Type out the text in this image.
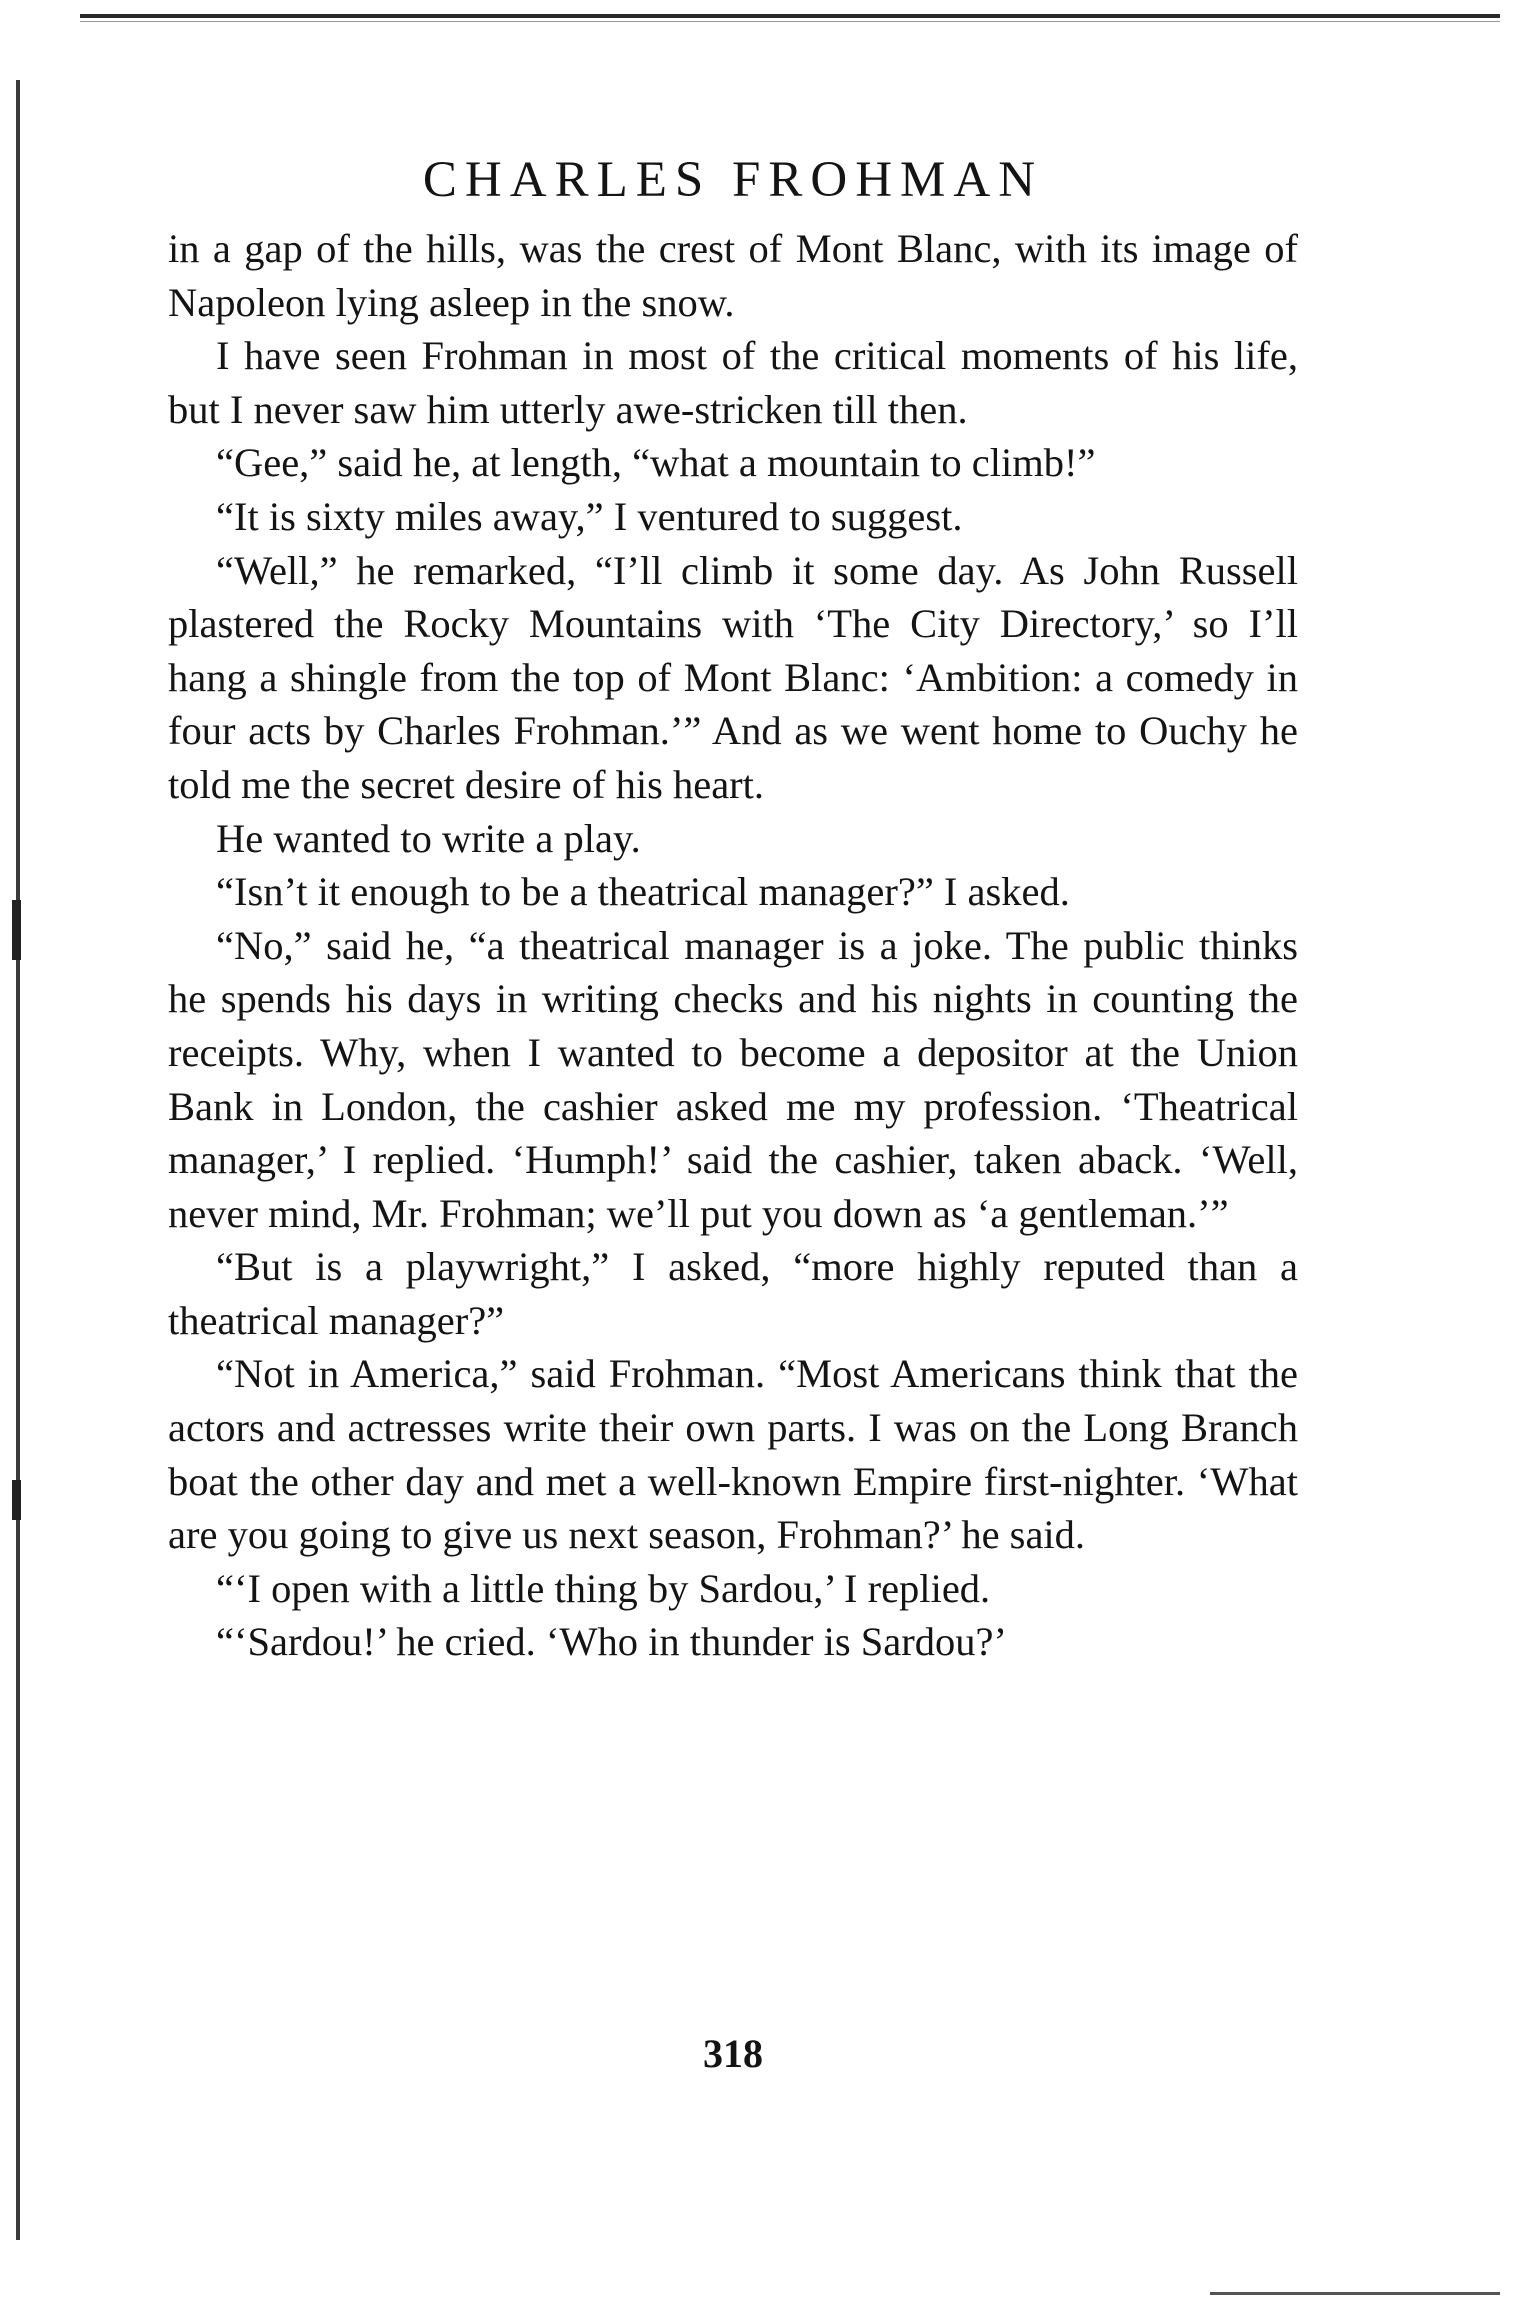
CHARLES FROHMAN

in a gap of the hills, was the crest of Mont Blanc, with its image of Napoleon lying asleep in the snow.

I have seen Frohman in most of the critical moments of his life, but I never saw him utterly awe-stricken till then.

“Gee,” said he, at length, “what a mountain to climb!”

“It is sixty miles away,” I ventured to suggest.

“Well,” he remarked, “I’ll climb it some day. As John Russell plastered the Rocky Mountains with ‘The City Directory,’ so I’ll hang a shingle from the top of Mont Blanc: ‘Ambition: a comedy in four acts by Charles Frohman.’” And as we went home to Ouchy he told me the secret desire of his heart.

He wanted to write a play.

“Isn’t it enough to be a theatrical manager?” I asked.

“No,” said he, “a theatrical manager is a joke. The public thinks he spends his days in writing checks and his nights in counting the receipts. Why, when I wanted to become a depositor at the Union Bank in London, the cashier asked me my profession. ‘Theatrical manager,’ I replied. ‘Humph!’ said the cashier, taken aback. ‘Well, never mind, Mr. Frohman; we’ll put you down as ‘a gentleman.’”

“But is a playwright,” I asked, “more highly reputed than a theatrical manager?”

“Not in America,” said Frohman. “Most Americans think that the actors and actresses write their own parts. I was on the Long Branch boat the other day and met a well-known Empire first-nighter. ‘What are you going to give us next season, Frohman?’ he said.

“‘I open with a little thing by Sardou,’ I replied.

“‘Sardou!’ he cried. ‘Who in thunder is Sardou?’

318
